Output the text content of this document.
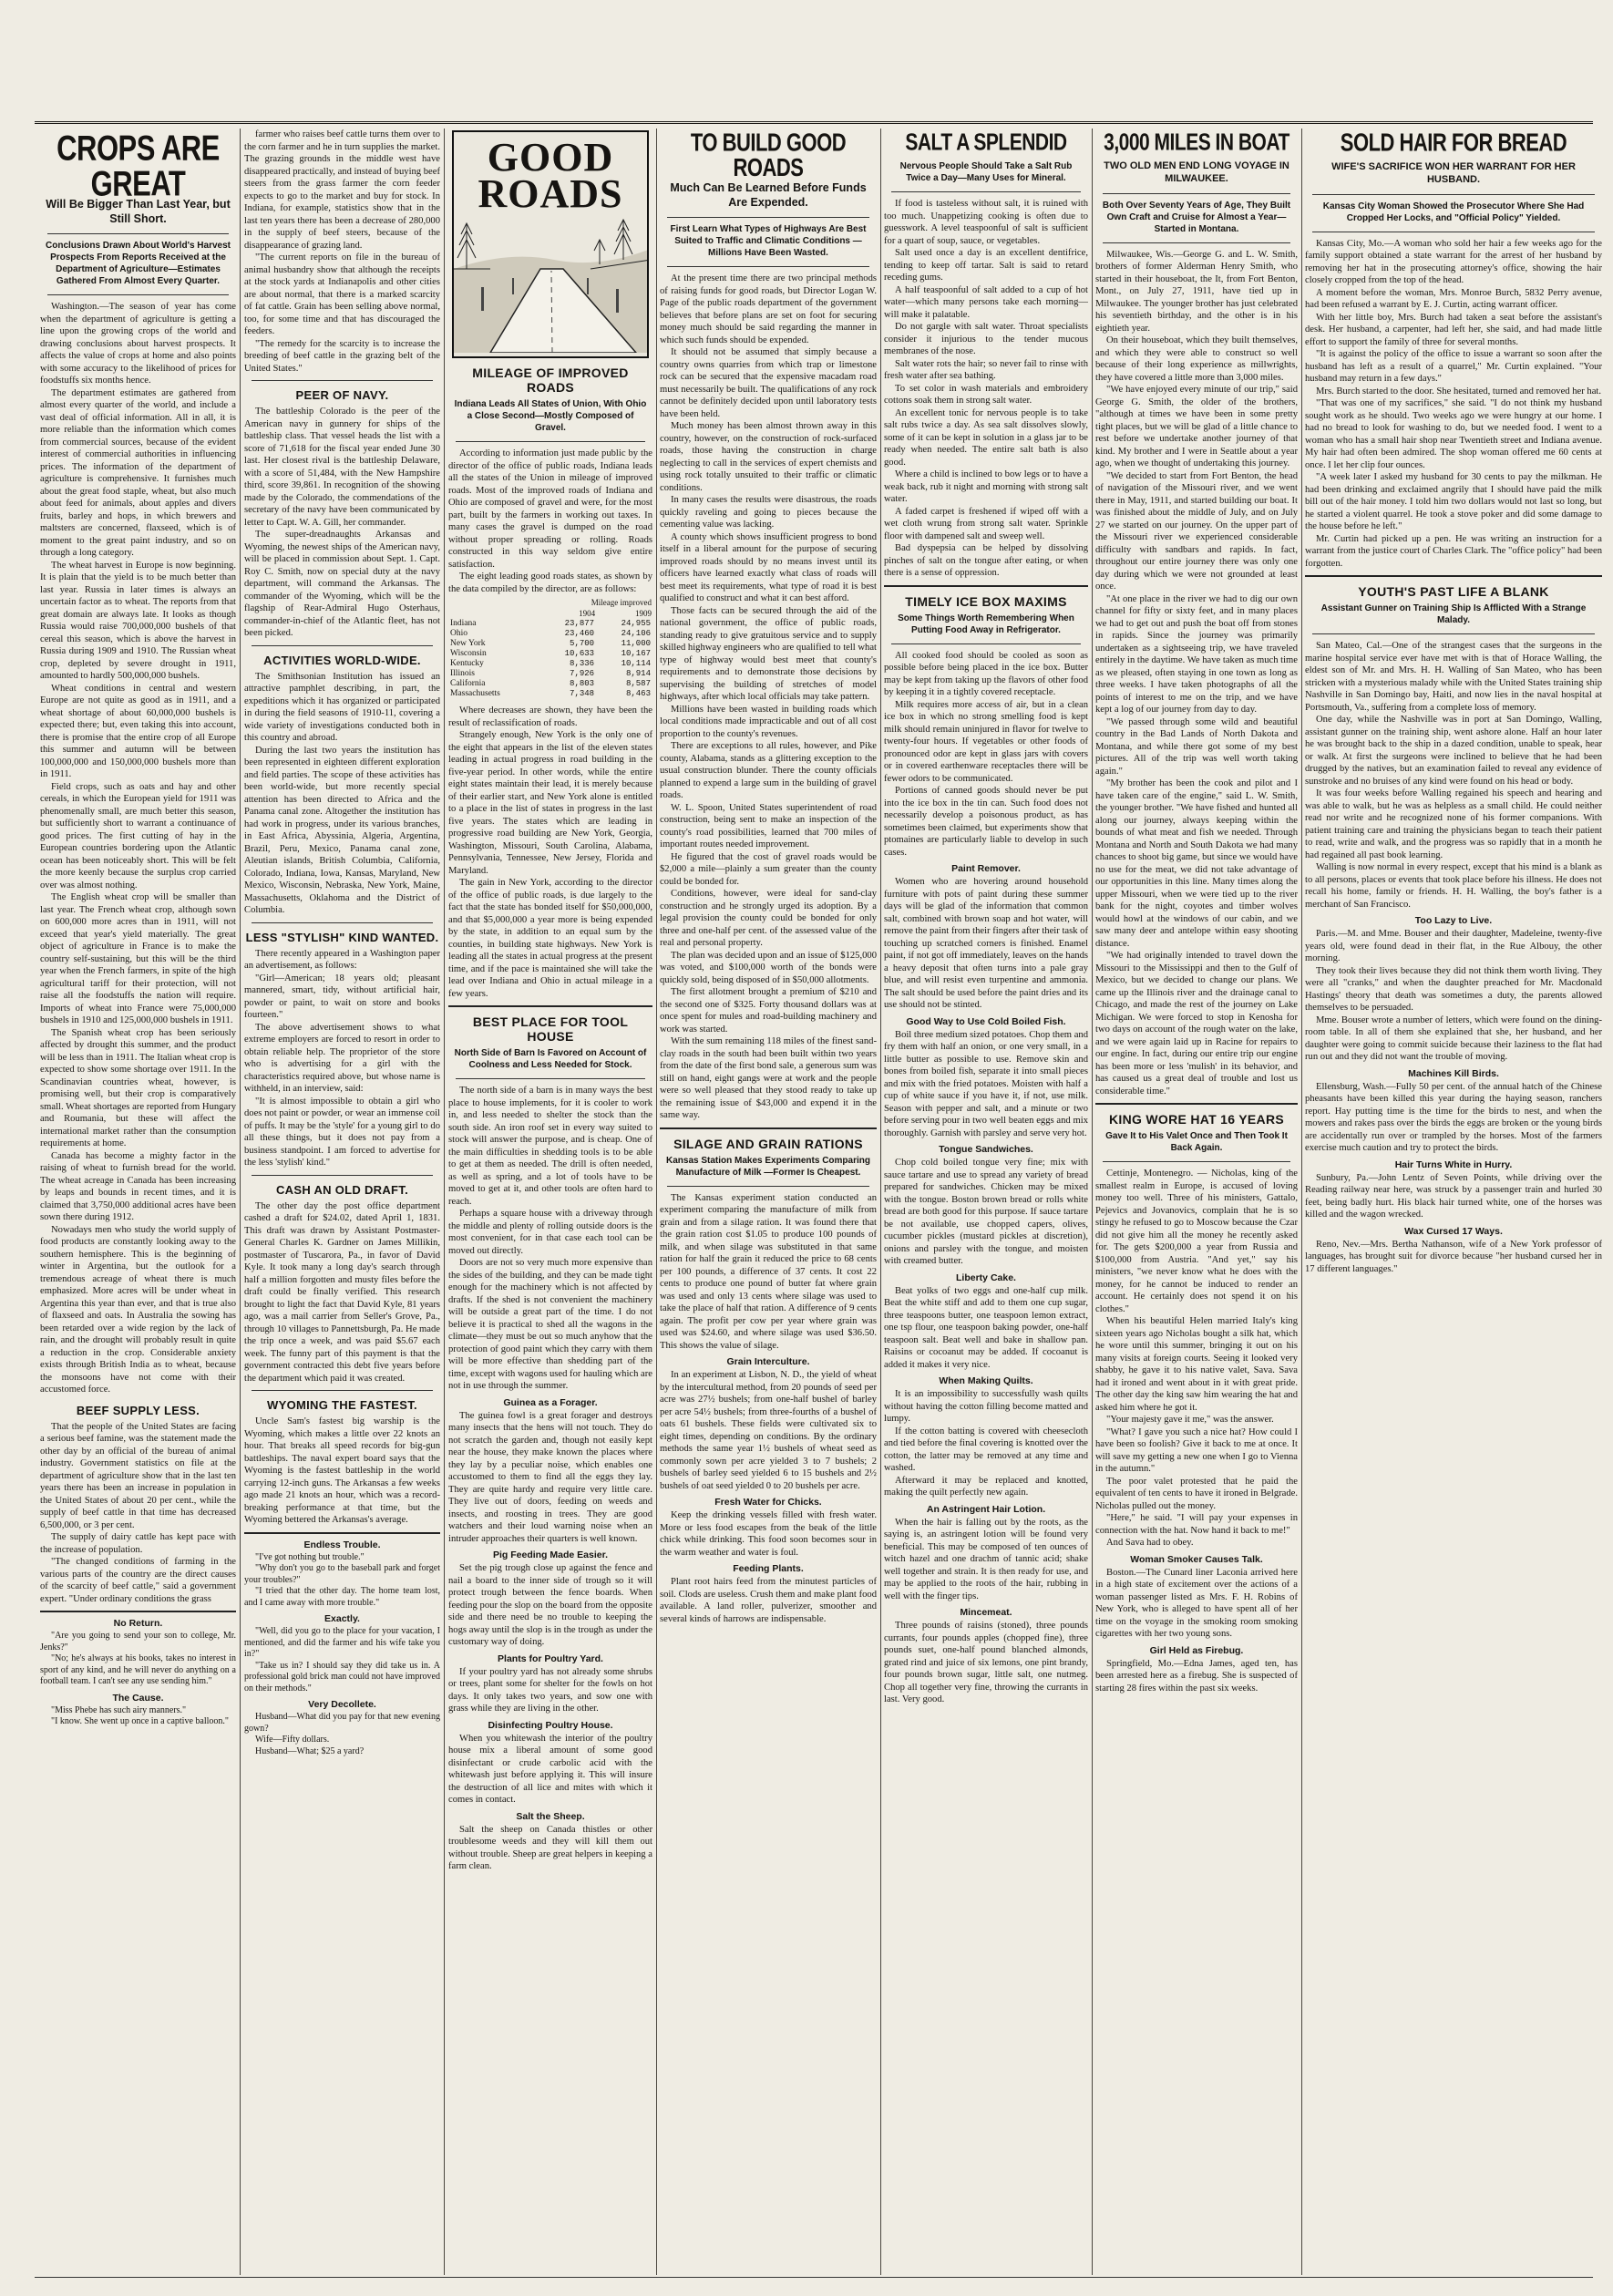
CROPS ARE GREAT
Will Be Bigger Than Last Year, but Still Short.
Conclusions Drawn About World's Harvest Prospects From Reports Received at the Department of Agriculture—Estimates Gathered From Almost Every Quarter.

Washington.—The season of year has come when the department of agriculture is getting a line upon the growing crops of the world and drawing conclusions about harvest prospects. It affects the value of crops at home and also points with some accuracy to the likelihood of prices for foodstuffs six months hence.

The department estimates are gathered from almost every quarter of the world, and include a vast deal of official information. All in all, it is more reliable than the information which comes from commercial sources, because of the evident interest of commercial authorities in influencing prices. The information of the department of agriculture is comprehensive. It furnishes much about the great food staple, wheat, but also much about feed for animals, about apples and divers fruits, barley and hops, in which brewers and maltsters are concerned, flaxseed, which is of moment to the great paint industry, and so on through a long category.

The wheat harvest in Europe is now beginning. It is plain that the yield is to be much better than last year. Russia in later times is always an uncertain factor as to wheat. The reports from that great domain are always late. It looks as though Russia would raise 700,000,000 bushels of that cereal this season, which is above the harvest in Russia during 1909 and 1910. The Russian wheat crop, depleted by severe drought in 1911, amounted to hardly 500,000,000 bushels.

Wheat conditions in central and western Europe are not quite as good as in 1911, and a wheat shortage of about 60,000,000 bushels is expected there; but, even taking this into account, there is promise that the entire crop of all Europe this summer and autumn will be between 100,000,000 and 150,000,000 bushels more than in 1911.

Field crops, such as oats and hay and other cereals, in which the European yield for 1911 was phenomenally small, are much better this season, but sufficiently short to warrant a continuance of good prices. The first cutting of hay in the European countries bordering upon the Atlantic ocean has been noticeably short. This will be felt the more keenly because the surplus crop carried over was almost nothing.

The English wheat crop will be smaller than last year. The French wheat crop, although sown on 600,000 more acres than in 1911, will not exceed that year's yield materially. The great object of agriculture in France is to make the country self-sustaining, but this will be the third year when the French farmers, in spite of the high agricultural tariff for their protection, will not raise all the foodstuffs the nation will require. Imports of wheat into France were 75,000,000 bushels in 1910 and 125,000,000 bushels in 1911.

The Spanish wheat crop has been seriously affected by drought this summer, and the product will be less than in 1911. The Italian wheat crop is expected to show some shortage over 1911. In the Scandinavian countries wheat, however, is promising well, but their crop is comparatively small. Wheat shortages are reported from Hungary and Roumania, but these will affect the international market rather than the consumption requirements at home.

Canada has become a mighty factor in the raising of wheat to furnish bread for the world. The wheat acreage in Canada has been increasing by leaps and bounds in recent times, and it is claimed that 3,750,000 additional acres have been sown there during 1912.

Nowadays men who study the world supply of food products are constantly looking away to the southern hemisphere. This is the beginning of winter in Argentina, but the outlook for a tremendous acreage of wheat there is much emphasized. More acres will be under wheat in Argentina this year than ever, and that is true also of flaxseed and oats. In Australia the sowing has been retarded over a wide region by the lack of rain, and the drought will probably result in quite a reduction in the crop. Considerable anxiety exists through British India as to wheat, because the monsoons have not come with their accustomed force.

BEEF SUPPLY LESS.

That the people of the United States are facing a serious beef famine, was the statement made the other day by an official of the bureau of animal industry. Government statistics on file at the department of agriculture show that in the last ten years there has been an increase in population in the United States of about 20 per cent., while the supply of beef cattle in that time has decreased 6,500,000, or 3 per cent.

The supply of dairy cattle has kept pace with the increase of population.

"The changed conditions of farming in the various parts of the country are the direct causes of the scarcity of beef cattle," said a government expert. "Under ordinary conditions the grass

No Return.

"Are you going to send your son to college, Mr. Jenks?"

"No; he's always at his books, takes no interest in sport of any kind, and he will never do anything on a football team. I can't see any use sending him."

The Cause.

"Miss Phebe has such airy manners."

"I know. She went up once in a captive balloon."

farmer who raises beef cattle turns them over to the corn farmer and he in turn supplies the market. The grazing grounds in the middle west have disappeared practically, and instead of buying beef steers from the grass farmer the corn feeder expects to go to the market and buy for stock. In Indiana, for example, statistics show that in the last ten years there has been a decrease of 280,000 in the supply of beef steers, because of the disappearance of grazing land.

"The current reports on file in the bureau of animal husbandry show that although the receipts at the stock yards at Indianapolis and other cities are about normal, that there is a marked scarcity of fat cattle. Grain has been selling above normal, too, for some time and that has discouraged the feeders.

"The remedy for the scarcity is to increase the breeding of beef cattle in the grazing belt of the United States."

PEER OF NAVY.

The battleship Colorado is the peer of the American navy in gunnery for ships of the battleship class. That vessel heads the list with a score of 71,618 for the fiscal year ended June 30 last. Her closest rival is the battleship Delaware, with a score of 51,484, with the New Hampshire third, score 39,861. In recognition of the showing made by the Colorado, the commendations of the secretary of the navy have been communicated by letter to Capt. W. A. Gill, her commander.

The super-dreadnaughts Arkansas and Wyoming, the newest ships of the American navy, will be placed in commission about Sept. 1. Capt. Roy C. Smith, now on special duty at the navy department, will command the Arkansas. The commander of the Wyoming, which will be the flagship of Rear-Admiral Hugo Osterhaus, commander-in-chief of the Atlantic fleet, has not been picked.

ACTIVITIES WORLD-WIDE.

The Smithsonian Institution has issued an attractive pamphlet describing, in part, the expeditions which it has organized or participated in during the field seasons of 1910-11, covering a wide variety of investigations conducted both in this country and abroad.

During the last two years the institution has been represented in eighteen different exploration and field parties. The scope of these activities has been world-wide, but more recently special attention has been directed to Africa and the Panama canal zone. Altogether the institution has had work in progress, under its various branches, in East Africa, Abyssinia, Algeria, Argentina, Brazil, Peru, Mexico, Panama canal zone, Aleutian islands, British Columbia, California, Colorado, Indiana, Iowa, Kansas, Maryland, New Mexico, Wisconsin, Nebraska, New York, Maine, Massachusetts, Oklahoma and the District of Columbia.

LESS "STYLISH" KIND WANTED.

There recently appeared in a Washington paper an advertisement, as follows:

"Girl—American; 18 years old; pleasant mannered, smart, tidy, without artificial hair, powder or paint, to wait on store and books fourteen."

The above advertisement shows to what extreme employers are forced to resort in order to obtain reliable help. The proprietor of the store who is advertising for a girl with the characteristics required above, but whose name is withheld, in an interview, said:

"It is almost impossible to obtain a girl who does not paint or powder, or wear an immense coil of puffs. It may be the 'style' for a young girl to do all these things, but it does not pay from a business standpoint. I am forced to advertise for the less 'stylish' kind."

CASH AN OLD DRAFT.

The other day the post office department cashed a draft for $24.02, dated April 1, 1831. This draft was drawn by Assistant Postmaster-General Charles K. Gardner on James Millikin, postmaster of Tuscarora, Pa., in favor of David Kyle. It took many a long day's search through half a million forgotten and musty files before the draft could be finally verified. This research brought to light the fact that David Kyle, 81 years ago, was a mail carrier from Seller's Grove, Pa., through 10 villages to Pannettsburgh, Pa. He made the trip once a week, and was paid $5.67 each week. The funny part of this payment is that the government contracted this debt five years before the department which paid it was created.

WYOMING THE FASTEST.

Uncle Sam's fastest big warship is the Wyoming, which makes a little over 22 knots an hour. That breaks all speed records for big-gun battleships. The naval expert board says that the Wyoming is the fastest battleship in the world carrying 12-inch guns. The Arkansas a few weeks ago made 21 knots an hour, which was a record-breaking performance at that time, but the Wyoming bettered the Arkansas's average.

Endless Trouble.

"I've got nothing but trouble."

"Why don't you go to the baseball park and forget your troubles?"

"I tried that the other day. The home team lost, and I came away with more trouble."

Exactly.

"Well, did you go to the place for your vacation, I mentioned, and did the farmer and his wife take you in?"

"Take us in? I should say they did take us in. A professional gold brick man could not have improved on their methods."

Very Decollete.

Husband—What did you pay for that new evening gown?

Wife—Fifty dollars.

Husband—What; $25 a yard?

GOOD ROADS
MILEAGE OF IMPROVED ROADS
Indiana Leads All States of Union, With Ohio a Close Second—Mostly Composed of Gravel.

According to information just made public by the director of the office of public roads, Indiana leads all the states of the Union in mileage of improved roads. Most of the improved roads of Indiana and Ohio are composed of gravel and were, for the most part, built by the farmers in working out taxes. In many cases the gravel is dumped on the road without proper spreading or rolling. Roads constructed in this way seldom give entire satisfaction.

The eight leading good roads states, as shown by the data compiled by the director, are as follows:

	Mileage improved	
	1904	1909
Indiana	23,877	24,955
Ohio	23,460	24,106
New York	5,700	11,000
Wisconsin	10,633	10,167
Kentucky	8,336	10,114
Illinois	7,926	8,914
California	8,803	8,587
Massachusetts	7,348	8,463

Where decreases are shown, they have been the result of reclassification of roads.

Strangely enough, New York is the only one of the eight that appears in the list of the eleven states leading in actual progress in road building in the five-year period. In other words, while the entire eight states maintain their lead, it is merely because of their earlier start, and New York alone is entitled to a place in the list of states in progress in the last five years. The states which are leading in progressive road building are New York, Georgia, Washington, Missouri, South Carolina, Alabama, Pennsylvania, Tennessee, New Jersey, Florida and Maryland.

The gain in New York, according to the director of the office of public roads, is due largely to the fact that the state has bonded itself for $50,000,000, and that $5,000,000 a year more is being expended by the state, in addition to an equal sum by the counties, in building state highways. New York is leading all the states in actual progress at the present time, and if the pace is maintained she will take the lead over Indiana and Ohio in actual mileage in a few years.

BEST PLACE FOR TOOL HOUSE
North Side of Barn Is Favored on Account of Coolness and Less Needed for Stock.

The north side of a barn is in many ways the best place to house implements, for it is cooler to work in, and less needed to shelter the stock than the south side. An iron roof set in every way suited to stock will answer the purpose, and is cheap. One of the main difficulties in shedding tools is to be able to get at them as needed. The drill is often needed, as well as spring, and a lot of tools have to be moved to get at it, and other tools are often hard to reach.

Perhaps a square house with a driveway through the middle and plenty of rolling outside doors is the most convenient, for in that case each tool can be moved out directly.

Doors are not so very much more expensive than the sides of the building, and they can be made tight enough for the machinery which is not affected by drafts. If the shed is not convenient the machinery will be outside a great part of the time. I do not believe it is practical to shed all the wagons in the climate—they must be out so much anyhow that the protection of good paint which they carry with them will be more effective than shedding part of the time, except with wagons used for hauling which are not in use through the summer.

Guinea as a Forager.

The guinea fowl is a great forager and destroys many insects that the hens will not touch. They do not scratch the garden and, though not easily kept near the house, they make known the places where they lay by a peculiar noise, which enables one accustomed to them to find all the eggs they lay. They are quite hardy and require very little care. They live out of doors, feeding on weeds and insects, and roosting in trees. They are good watchers and their loud warning noise when an intruder approaches their quarters is well known.

Pig Feeding Made Easier.

Set the pig trough close up against the fence and nail a board to the inner side of trough so it will protect trough between the fence boards. When feeding pour the slop on the board from the opposite side and there need be no trouble to keeping the hogs away until the slop is in the trough as under the customary way of doing.

Plants for Poultry Yard.

If your poultry yard has not already some shrubs or trees, plant some for shelter for the fowls on hot days. It only takes two years, and sow one with grass while they are living in the other.

Disinfecting Poultry House.

When you whitewash the interior of the poultry house mix a liberal amount of some good disinfectant or crude carbolic acid with the whitewash just before applying it. This will insure the destruction of all lice and mites with which it comes in contact.

Salt the Sheep.

Salt the sheep on Canada thistles or other troublesome weeds and they will kill them out without trouble. Sheep are great helpers in keeping a farm clean.

TO BUILD GOOD ROADS
Much Can Be Learned Before Funds Are Expended.
First Learn What Types of Highways Are Best Suited to Traffic and Climatic Conditions — Millions Have Been Wasted.

At the present time there are two principal methods of raising funds for good roads, but Director Logan W. Page of the public roads department of the government believes that before plans are set on foot for securing money much should be said regarding the manner in which such funds should be expended.

It should not be assumed that simply because a country owns quarries from which trap or limestone rock can be secured that the expensive macadam road must necessarily be built. The qualifications of any rock cannot be definitely decided upon until laboratory tests have been held.

Much money has been almost thrown away in this country, however, on the construction of rock-surfaced roads, those having the construction in charge neglecting to call in the services of expert chemists and using rock totally unsuited to their traffic or climatic conditions.

In many cases the results were disastrous, the roads quickly raveling and going to pieces because the cementing value was lacking.

A county which shows insufficient progress to bond itself in a liberal amount for the purpose of securing improved roads should by no means invest until its officers have learned exactly what class of roads will best meet its requirements, what type of road it is best qualified to construct and what it can best afford.

Those facts can be secured through the aid of the national government, the office of public roads, standing ready to give gratuitous service and to supply skilled highway engineers who are qualified to tell what type of highway would best meet that county's requirements and to demonstrate those decisions by supervising the building of stretches of model highways, after which local officials may take pattern.

Millions have been wasted in building roads which local conditions made impracticable and out of all cost proportion to the county's revenues.

There are exceptions to all rules, however, and Pike county, Alabama, stands as a glittering exception to the usual construction blunder. There the county officials planned to expend a large sum in the building of gravel roads.

W. L. Spoon, United States superintendent of road construction, being sent to make an inspection of the county's road possibilities, learned that 700 miles of important routes needed improvement.

He figured that the cost of gravel roads would be $2,000 a mile—plainly a sum greater than the county could be bonded for.

Conditions, however, were ideal for sand-clay construction and he strongly urged its adoption. By a legal provision the county could be bonded for only three and one-half per cent. of the assessed value of the real and personal property.

The plan was decided upon and an issue of $125,000 was voted, and $100,000 worth of the bonds were quickly sold, being disposed of in $50,000 allotments.

The first allotment brought a premium of $210 and the second one of $325. Forty thousand dollars was at once spent for mules and road-building machinery and work was started.

With the sum remaining 118 miles of the finest sand-clay roads in the south had been built within two years from the date of the first bond sale, a generous sum was still on hand, eight gangs were at work and the people were so well pleased that they stood ready to take up the remaining issue of $43,000 and expend it in the same way.

SILAGE AND GRAIN RATIONS
Kansas Station Makes Experiments Comparing Manufacture of Milk —Former Is Cheapest.

The Kansas experiment station conducted an experiment comparing the manufacture of milk from grain and from a silage ration. It was found there that the grain ration cost $1.05 to produce 100 pounds of milk, and when silage was substituted in that same ration for half the grain it reduced the price to 68 cents per 100 pounds, a difference of 37 cents. It cost 22 cents to produce one pound of butter fat where grain was used and only 13 cents where silage was used to take the place of half that ration. A difference of 9 cents again. The profit per cow per year where grain was used was $24.60, and where silage was used $36.50. This shows the value of silage.

Grain Interculture.

In an experiment at Lisbon, N. D., the yield of wheat by the intercultural method, from 20 pounds of seed per acre was 27½ bushels; from one-half bushel of barley per acre 54½ bushels; from three-fourths of a bushel of oats 61 bushels. These fields were cultivated six to eight times, depending on conditions. By the ordinary methods the same year 1½ bushels of wheat seed as commonly sown per acre yielded 3 to 7 bushels; 2 bushels of barley seed yielded 6 to 15 bushels and 2½ bushels of oat seed yielded 0 to 20 bushels per acre.

Fresh Water for Chicks.

Keep the drinking vessels filled with fresh water. More or less food escapes from the beak of the little chick while drinking. This food soon becomes sour in the warm weather and water is foul.

Feeding Plants.

Plant root hairs feed from the minutest particles of soil. Clods are useless. Crush them and make plant food available. A land roller, pulverizer, smoother and several kinds of harrows are indispensable.

SALT A SPLENDID
Nervous People Should Take a Salt Rub Twice a Day—Many Uses for Mineral.

If food is tasteless without salt, it is ruined with too much. Unappetizing cooking is often due to guesswork. A level teaspoonful of salt is sufficient for a quart of soup, sauce, or vegetables.

Salt used once a day is an excellent dentifrice, tending to keep off tartar. Salt is said to retard receding gums.

A half teaspoonful of salt added to a cup of hot water—which many persons take each morning—will make it palatable.

Do not gargle with salt water. Throat specialists consider it injurious to the tender mucous membranes of the nose.

Salt water rots the hair; so never fail to rinse with fresh water after sea bathing.

To set color in wash materials and embroidery cottons soak them in strong salt water.

An excellent tonic for nervous people is to take salt rubs twice a day. As sea salt dissolves slowly, some of it can be kept in solution in a glass jar to be ready when needed. The entire salt bath is also good.

Where a child is inclined to bow legs or to have a weak back, rub it night and morning with strong salt water.

A faded carpet is freshened if wiped off with a wet cloth wrung from strong salt water. Sprinkle floor with dampened salt and sweep well.

Bad dyspepsia can be helped by dissolving pinches of salt on the tongue after eating, or when there is a sense of oppression.

TIMELY ICE BOX MAXIMS
Some Things Worth Remembering When Putting Food Away in Refrigerator.

All cooked food should be cooled as soon as possible before being placed in the ice box. Butter may be kept from taking up the flavors of other food by keeping it in a tightly covered receptacle.

Milk requires more access of air, but in a clean ice box in which no strong smelling food is kept milk should remain uninjured in flavor for twelve to twenty-four hours. If vegetables or other foods of pronounced odor are kept in glass jars with covers or in covered earthenware receptacles there will be fewer odors to be communicated.

Portions of canned goods should never be put into the ice box in the tin can. Such food does not necessarily develop a poisonous product, as has sometimes been claimed, but experiments show that ptomaines are particularly liable to develop in such cases.

Paint Remover.

Women who are hovering around household furniture with pots of paint during these summer days will be glad of the information that common salt, combined with brown soap and hot water, will remove the paint from their fingers after their task of touching up scratched corners is finished. Enamel paint, if not got off immediately, leaves on the hands a heavy deposit that often turns into a pale gray blue, and will resist even turpentine and ammonia. The salt should be used before the paint dries and its use should not be stinted.

Good Way to Use Cold Boiled Fish.

Boil three medium sized potatoes. Chop them and fry them with half an onion, or one very small, in a little butter as possible to use. Remove skin and bones from boiled fish, separate it into small pieces and mix with the fried potatoes. Moisten with half a cup of white sauce if you have it, if not, use milk. Season with pepper and salt, and a minute or two before serving pour in two well beaten eggs and mix thoroughly. Garnish with parsley and serve very hot.

Tongue Sandwiches.

Chop cold boiled tongue very fine; mix with sauce tartare and use to spread any variety of bread prepared for sandwiches. Chicken may be mixed with the tongue. Boston brown bread or rolls white bread are both good for this purpose. If sauce tartare be not available, use chopped capers, olives, cucumber pickles (mustard pickles at discretion), onions and parsley with the tongue, and moisten with creamed butter.

Liberty Cake.

Beat yolks of two eggs and one-half cup milk. Beat the white stiff and add to them one cup sugar, three teaspoons butter, one teaspoon lemon extract, one tsp flour, one teaspoon baking powder, one-half teaspoon salt. Beat well and bake in shallow pan. Raisins or cocoanut may be added. If cocoanut is added it makes it very nice.

When Making Quilts.

It is an impossibility to successfully wash quilts without having the cotton filling become matted and lumpy.

If the cotton batting is covered with cheesecloth and tied before the final covering is knotted over the cotton, the latter may be removed at any time and washed.

Afterward it may be replaced and knotted, making the quilt perfectly new again.

An Astringent Hair Lotion.

When the hair is falling out by the roots, as the saying is, an astringent lotion will be found very beneficial. This may be composed of ten ounces of witch hazel and one drachm of tannic acid; shake well together and strain. It is then ready for use, and may be applied to the roots of the hair, rubbing in well with the finger tips.

Mincemeat.

Three pounds of raisins (stoned), three pounds currants, four pounds apples (chopped fine), three pounds suet, one-half pound blanched almonds, grated rind and juice of six lemons, one pint brandy, four pounds brown sugar, little salt, one nutmeg. Chop all together very fine, throwing the currants in last. Very good.

3,000 MILES IN BOAT
TWO OLD MEN END LONG VOYAGE IN MILWAUKEE.
Both Over Seventy Years of Age, They Built Own Craft and Cruise for Almost a Year—Started in Montana.

Milwaukee, Wis.—George G. and L. W. Smith, brothers of former Alderman Henry Smith, who started in their houseboat, the It, from Fort Benton, Mont., on July 27, 1911, have tied up in Milwaukee. The younger brother has just celebrated his seventieth birthday, and the other is in his eightieth year.

On their houseboat, which they built themselves, and which they were able to construct so well because of their long experience as millwrights, they have covered a little more than 3,000 miles.

"We have enjoyed every minute of our trip," said George G. Smith, the older of the brothers, "although at times we have been in some pretty tight places, but we will be glad of a little chance to rest before we undertake another journey of that kind. My brother and I were in Seattle about a year ago, when we thought of undertaking this journey.

"We decided to start from Fort Benton, the head of navigation of the Missouri river, and we went there in May, 1911, and started building our boat. It was finished about the middle of July, and on July 27 we started on our journey. On the upper part of the Missouri river we experienced considerable difficulty with sandbars and rapids. In fact, throughout our entire journey there was only one day during which we were not grounded at least once.

"At one place in the river we had to dig our own channel for fifty or sixty feet, and in many places we had to get out and push the boat off from stones in rapids. Since the journey was primarily undertaken as a sightseeing trip, we have traveled entirely in the daytime. We have taken as much time as we pleased, often staying in one town as long as three weeks. I have taken photographs of all the points of interest to me on the trip, and we have kept a log of our journey from day to day.

"We passed through some wild and beautiful country in the Bad Lands of North Dakota and Montana, and while there got some of my best pictures. All of the trip was well worth taking again."

"My brother has been the cook and pilot and I have taken care of the engine," said L. W. Smith, the younger brother. "We have fished and hunted all along our journey, always keeping within the bounds of what meat and fish we needed. Through Montana and North and South Dakota we had many chances to shoot big game, but since we would have no use for the meat, we did not take advantage of our opportunities in this line. Many times along the upper Missouri, when we were tied up to the river bank for the night, coyotes and timber wolves would howl at the windows of our cabin, and we saw many deer and antelope within easy shooting distance.

"We had originally intended to travel down the Missouri to the Mississippi and then to the Gulf of Mexico, but we decided to change our plans. We came up the Illinois river and the drainage canal to Chicago, and made the rest of the journey on Lake Michigan. We were forced to stop in Kenosha for two days on account of the rough water on the lake, and we were again laid up in Racine for repairs to our engine. In fact, during our entire trip our engine has been more or less 'mulish' in its behavior, and has caused us a great deal of trouble and lost us considerable time."

KING WORE HAT 16 YEARS
Gave It to His Valet Once and Then Took It Back Again.

Cettinje, Montenegro. — Nicholas, king of the smallest realm in Europe, is accused of loving money too well. Three of his ministers, Gattalo, Pejevics and Jovanovics, complain that he is so stingy he refused to go to Moscow because the Czar did not give him all the money he recently asked for. The gets $200,000 a year from Russia and $100,000 from Austria. "And yet," say his ministers, "we never know what he does with the money, for he cannot be induced to render an account. He certainly does not spend it on his clothes."

When his beautiful Helen married Italy's king sixteen years ago Nicholas bought a silk hat, which he wore until this summer, bringing it out on his many visits at foreign courts. Seeing it looked very shabby, he gave it to his native valet, Sava. Sava had it ironed and went about in it with great pride. The other day the king saw him wearing the hat and asked him where he got it.

"Your majesty gave it me," was the answer.

"What? I gave you such a nice hat? How could I have been so foolish? Give it back to me at once. It will save my getting a new one when I go to Vienna in the autumn."

The poor valet protested that he paid the equivalent of ten cents to have it ironed in Belgrade. Nicholas pulled out the money.

"Here," he said. "I will pay your expenses in connection with the hat. Now hand it back to me!"

And Sava had to obey.

Woman Smoker Causes Talk.

Boston.—The Cunard liner Laconia arrived here in a high state of excitement over the actions of a woman passenger listed as Mrs. F. H. Robins of New York, who is alleged to have spent all of her time on the voyage in the smoking room smoking cigarettes with her two young sons.

Girl Held as Firebug.

Springfield, Mo.—Edna James, aged ten, has been arrested here as a firebug. She is suspected of starting 28 fires within the past six weeks.

SOLD HAIR FOR BREAD
WIFE'S SACRIFICE WON HER WARRANT FOR HER HUSBAND.
Kansas City Woman Showed the Prosecutor Where She Had Cropped Her Locks, and "Official Policy" Yielded.

Kansas City, Mo.—A woman who sold her hair a few weeks ago for the family support obtained a state warrant for the arrest of her husband by removing her hat in the prosecuting attorney's office, showing the hair closely cropped from the top of the head.

A moment before the woman, Mrs. Monroe Burch, 5832 Perry avenue, had been refused a warrant by E. J. Curtin, acting warrant officer.

With her little boy, Mrs. Burch had taken a seat before the assistant's desk. Her husband, a carpenter, had left her, she said, and had made little effort to support the family of three for several months.

"It is against the policy of the office to issue a warrant so soon after the husband has left as a result of a quarrel," Mr. Curtin explained. "Your husband may return in a few days."

Mrs. Burch started to the door. She hesitated, turned and removed her hat.

"That was one of my sacrifices," she said. "I do not think my husband sought work as he should. Two weeks ago we were hungry at our home. I had no bread to look for washing to do, but we needed food. I went to a woman who has a small hair shop near Twentieth street and Indiana avenue. My hair had often been admired. The shop woman offered me 60 cents at once. I let her clip four ounces.

"A week later I asked my husband for 30 cents to pay the milkman. He had been drinking and exclaimed angrily that I should have paid the milk bill out of the hair money. I told him two dollars would not last so long, but he started a violent quarrel. He took a stove poker and did some damage to the house before he left."

Mr. Curtin had picked up a pen. He was writing an instruction for a warrant from the justice court of Charles Clark. The "office policy" had been forgotten.

YOUTH'S PAST LIFE A BLANK
Assistant Gunner on Training Ship Is Afflicted With a Strange Malady.

San Mateo, Cal.—One of the strangest cases that the surgeons in the marine hospital service ever have met with is that of Horace Walling, the eldest son of Mr. and Mrs. H. H. Walling of San Mateo, who has been stricken with a mysterious malady while with the United States training ship Nashville in San Domingo bay, Haiti, and now lies in the naval hospital at Portsmouth, Va., suffering from a complete loss of memory.

One day, while the Nashville was in port at San Domingo, Walling, assistant gunner on the training ship, went ashore alone. Half an hour later he was brought back to the ship in a dazed condition, unable to speak, hear or walk. At first the surgeons were inclined to believe that he had been drugged by the natives, but an examination failed to reveal any evidence of sunstroke and no bruises of any kind were found on his head or body.

It was four weeks before Walling regained his speech and hearing and was able to walk, but he was as helpless as a small child. He could neither read nor write and he recognized none of his former companions. With patient training care and training the physicians began to teach their patient to read, write and walk, and the progress was so rapidly that in a month he had regained all past book learning.

Walling is now normal in every respect, except that his mind is a blank as to all persons, places or events that took place before his illness. He does not recall his home, family or friends. H. H. Walling, the boy's father is a merchant of San Francisco.

Too Lazy to Live.

Paris.—M. and Mme. Bouser and their daughter, Madeleine, twenty-five years old, were found dead in their flat, in the Rue Albouy, the other morning.

They took their lives because they did not think them worth living. They were all "cranks," and when the daughter preached for Mr. Macdonald Hastings' theory that death was sometimes a duty, the parents allowed themselves to be persuaded.

Mme. Bouser wrote a number of letters, which were found on the dining-room table. In all of them she explained that she, her husband, and her daughter were going to commit suicide because their laziness to the flat had run out and they did not want the trouble of moving.

Machines Kill Birds.

Ellensburg, Wash.—Fully 50 per cent. of the annual hatch of the Chinese pheasants have been killed this year during the haying season, ranchers report. Hay putting time is the time for the birds to nest, and when the mowers and rakes pass over the birds the eggs are broken or the young birds are accidentally run over or trampled by the horses. Most of the farmers exercise much caution and try to protect the birds.

Hair Turns White in Hurry.

Sunbury, Pa.—John Lentz of Seven Points, while driving over the Reading railway near here, was struck by a passenger train and hurled 30 feet, being badly hurt. His black hair turned white, one of the horses was killed and the wagon wrecked.

Wax Cursed 17 Ways.

Reno, Nev.—Mrs. Bertha Nathanson, wife of a New York professor of languages, has brought suit for divorce because "her husband cursed her in 17 different languages."
